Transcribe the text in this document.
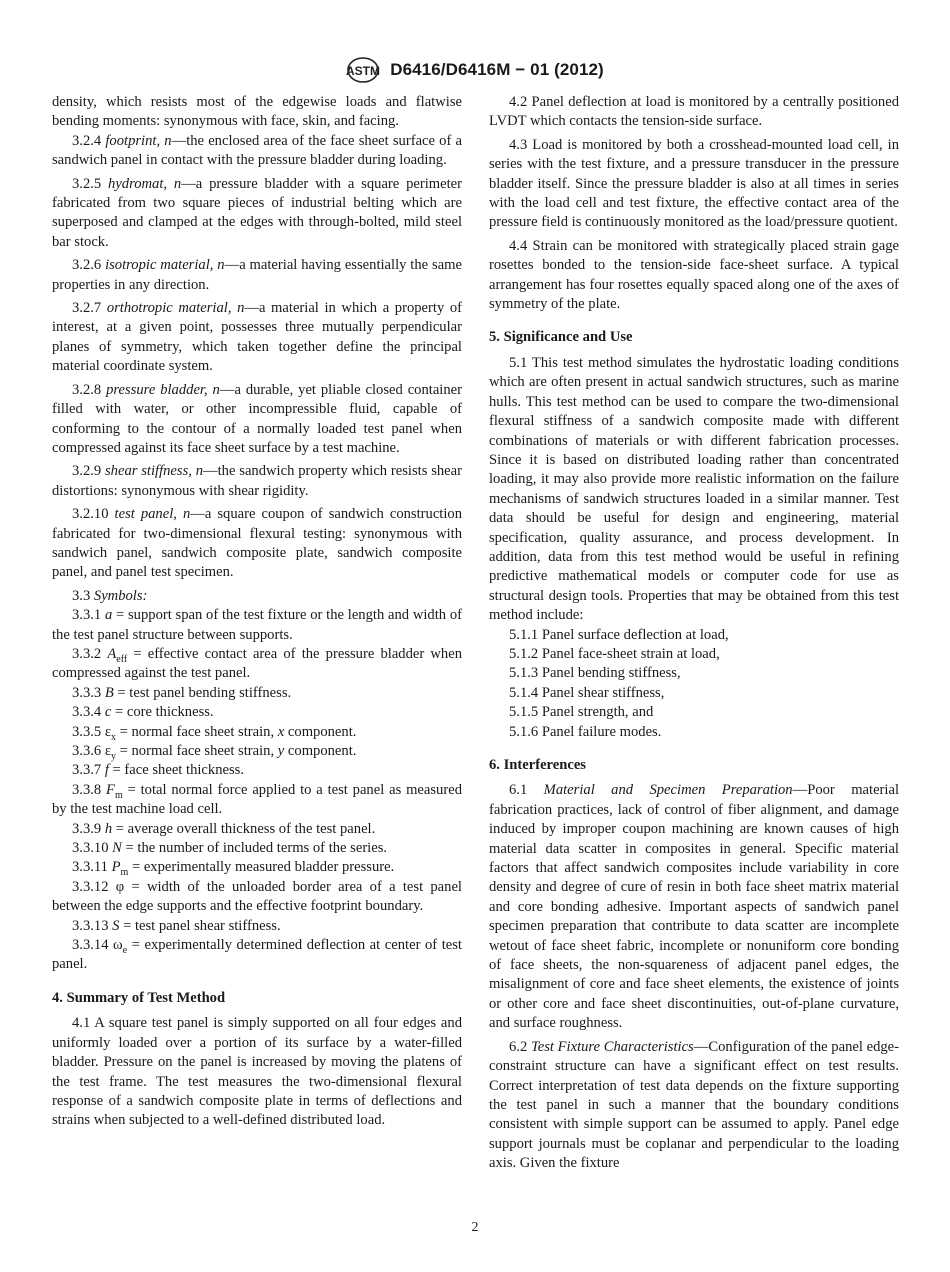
ASTM D6416/D6416M − 01 (2012)
density, which resists most of the edgewise loads and flatwise bending moments: synonymous with face, skin, and facing.
3.2.4 footprint, n—the enclosed area of the face sheet surface of a sandwich panel in contact with the pressure bladder during loading.
3.2.5 hydromat, n—a pressure bladder with a square perimeter fabricated from two square pieces of industrial belting which are superposed and clamped at the edges with through-bolted, mild steel bar stock.
3.2.6 isotropic material, n—a material having essentially the same properties in any direction.
3.2.7 orthotropic material, n—a material in which a property of interest, at a given point, possesses three mutually perpendicular planes of symmetry, which taken together define the principal material coordinate system.
3.2.8 pressure bladder, n—a durable, yet pliable closed container filled with water, or other incompressible fluid, capable of conforming to the contour of a normally loaded test panel when compressed against its face sheet surface by a test machine.
3.2.9 shear stiffness, n—the sandwich property which resists shear distortions: synonymous with shear rigidity.
3.2.10 test panel, n—a square coupon of sandwich construction fabricated for two-dimensional flexural testing: synonymous with sandwich panel, sandwich composite plate, sandwich composite panel, and panel test specimen.
3.3 Symbols:
3.3.1 a = support span of the test fixture or the length and width of the test panel structure between supports.
3.3.2 $A_{eff}$ = effective contact area of the pressure bladder when compressed against the test panel.
3.3.3 B = test panel bending stiffness.
3.3.4 c = core thickness.
3.3.5 $\varepsilon_x$ = normal face sheet strain, x component.
3.3.6 $\varepsilon_y$ = normal face sheet strain, y component.
3.3.7 f = face sheet thickness.
3.3.8 $F_m$ = total normal force applied to a test panel as measured by the test machine load cell.
3.3.9 h = average overall thickness of the test panel.
3.3.10 N = the number of included terms of the series.
3.3.11 $P_m$ = experimentally measured bladder pressure.
3.3.12 φ = width of the unloaded border area of a test panel between the edge supports and the effective footprint boundary.
3.3.13 S = test panel shear stiffness.
3.3.14 $\omega_e$ = experimentally determined deflection at center of test panel.
4. Summary of Test Method
4.1 A square test panel is simply supported on all four edges and uniformly loaded over a portion of its surface by a water-filled bladder. Pressure on the panel is increased by moving the platens of the test frame. The test measures the two-dimensional flexural response of a sandwich composite plate in terms of deflections and strains when subjected to a well-defined distributed load.
4.2 Panel deflection at load is monitored by a centrally positioned LVDT which contacts the tension-side surface.
4.3 Load is monitored by both a crosshead-mounted load cell, in series with the test fixture, and a pressure transducer in the pressure bladder itself. Since the pressure bladder is also at all times in series with the load cell and test fixture, the effective contact area of the pressure field is continuously monitored as the load/pressure quotient.
4.4 Strain can be monitored with strategically placed strain gage rosettes bonded to the tension-side face-sheet surface. A typical arrangement has four rosettes equally spaced along one of the axes of symmetry of the plate.
5. Significance and Use
5.1 This test method simulates the hydrostatic loading conditions which are often present in actual sandwich structures, such as marine hulls. This test method can be used to compare the two-dimensional flexural stiffness of a sandwich composite made with different combinations of materials or with different fabrication processes. Since it is based on distributed loading rather than concentrated loading, it may also provide more realistic information on the failure mechanisms of sandwich structures loaded in a similar manner. Test data should be useful for design and engineering, material specification, quality assurance, and process development. In addition, data from this test method would be useful in refining predictive mathematical models or computer code for use as structural design tools. Properties that may be obtained from this test method include:
5.1.1 Panel surface deflection at load,
5.1.2 Panel face-sheet strain at load,
5.1.3 Panel bending stiffness,
5.1.4 Panel shear stiffness,
5.1.5 Panel strength, and
5.1.6 Panel failure modes.
6. Interferences
6.1 Material and Specimen Preparation—Poor material fabrication practices, lack of control of fiber alignment, and damage induced by improper coupon machining are known causes of high material data scatter in composites in general. Specific material factors that affect sandwich composites include variability in core density and degree of cure of resin in both face sheet matrix material and core bonding adhesive. Important aspects of sandwich panel specimen preparation that contribute to data scatter are incomplete wetout of face sheet fabric, incomplete or nonuniform core bonding of face sheets, the non-squareness of adjacent panel edges, the misalignment of core and face sheet elements, the existence of joints or other core and face sheet discontinuities, out-of-plane curvature, and surface roughness.
6.2 Test Fixture Characteristics—Configuration of the panel edge-constraint structure can have a significant effect on test results. Correct interpretation of test data depends on the fixture supporting the test panel in such a manner that the boundary conditions consistent with simple support can be assumed to apply. Panel edge support journals must be coplanar and perpendicular to the loading axis. Given the fixture
2
